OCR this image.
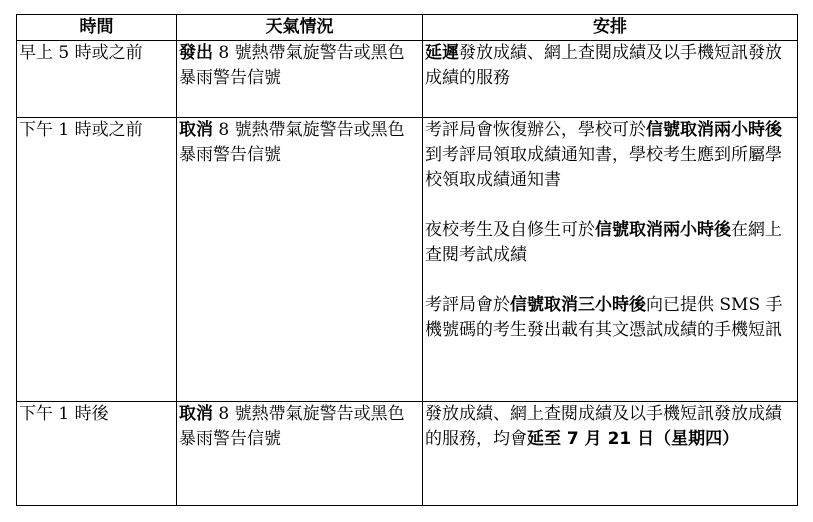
時間	天氣情況	安排
早上 5 時或之前	發出 8 號熱帶氣旋警告或黑色暴雨警告信號	延遲發放成績、網上查閱成績及以手機短訊發放成績的服務
下午 1 時或之前	取消 8 號熱帶氣旋警告或黑色暴雨警告信號	考評局會恢復辦公，學校可於信號取消兩小時後到考評局領取成績通知書，學校考生應到所屬學校領取成績通知書

夜校考生及自修生可於信號取消兩小時後在網上查閱考試成績

考評局會於信號取消三小時後向已提供 SMS 手機號碼的考生發出載有其文憑試成績的手機短訊

下午 1 時後	取消 8 號熱帶氣旋警告或黑色暴雨警告信號	發放成績、網上查閱成績及以手機短訊發放成績的服務，均會延至 7 月 21 日（星期四）
